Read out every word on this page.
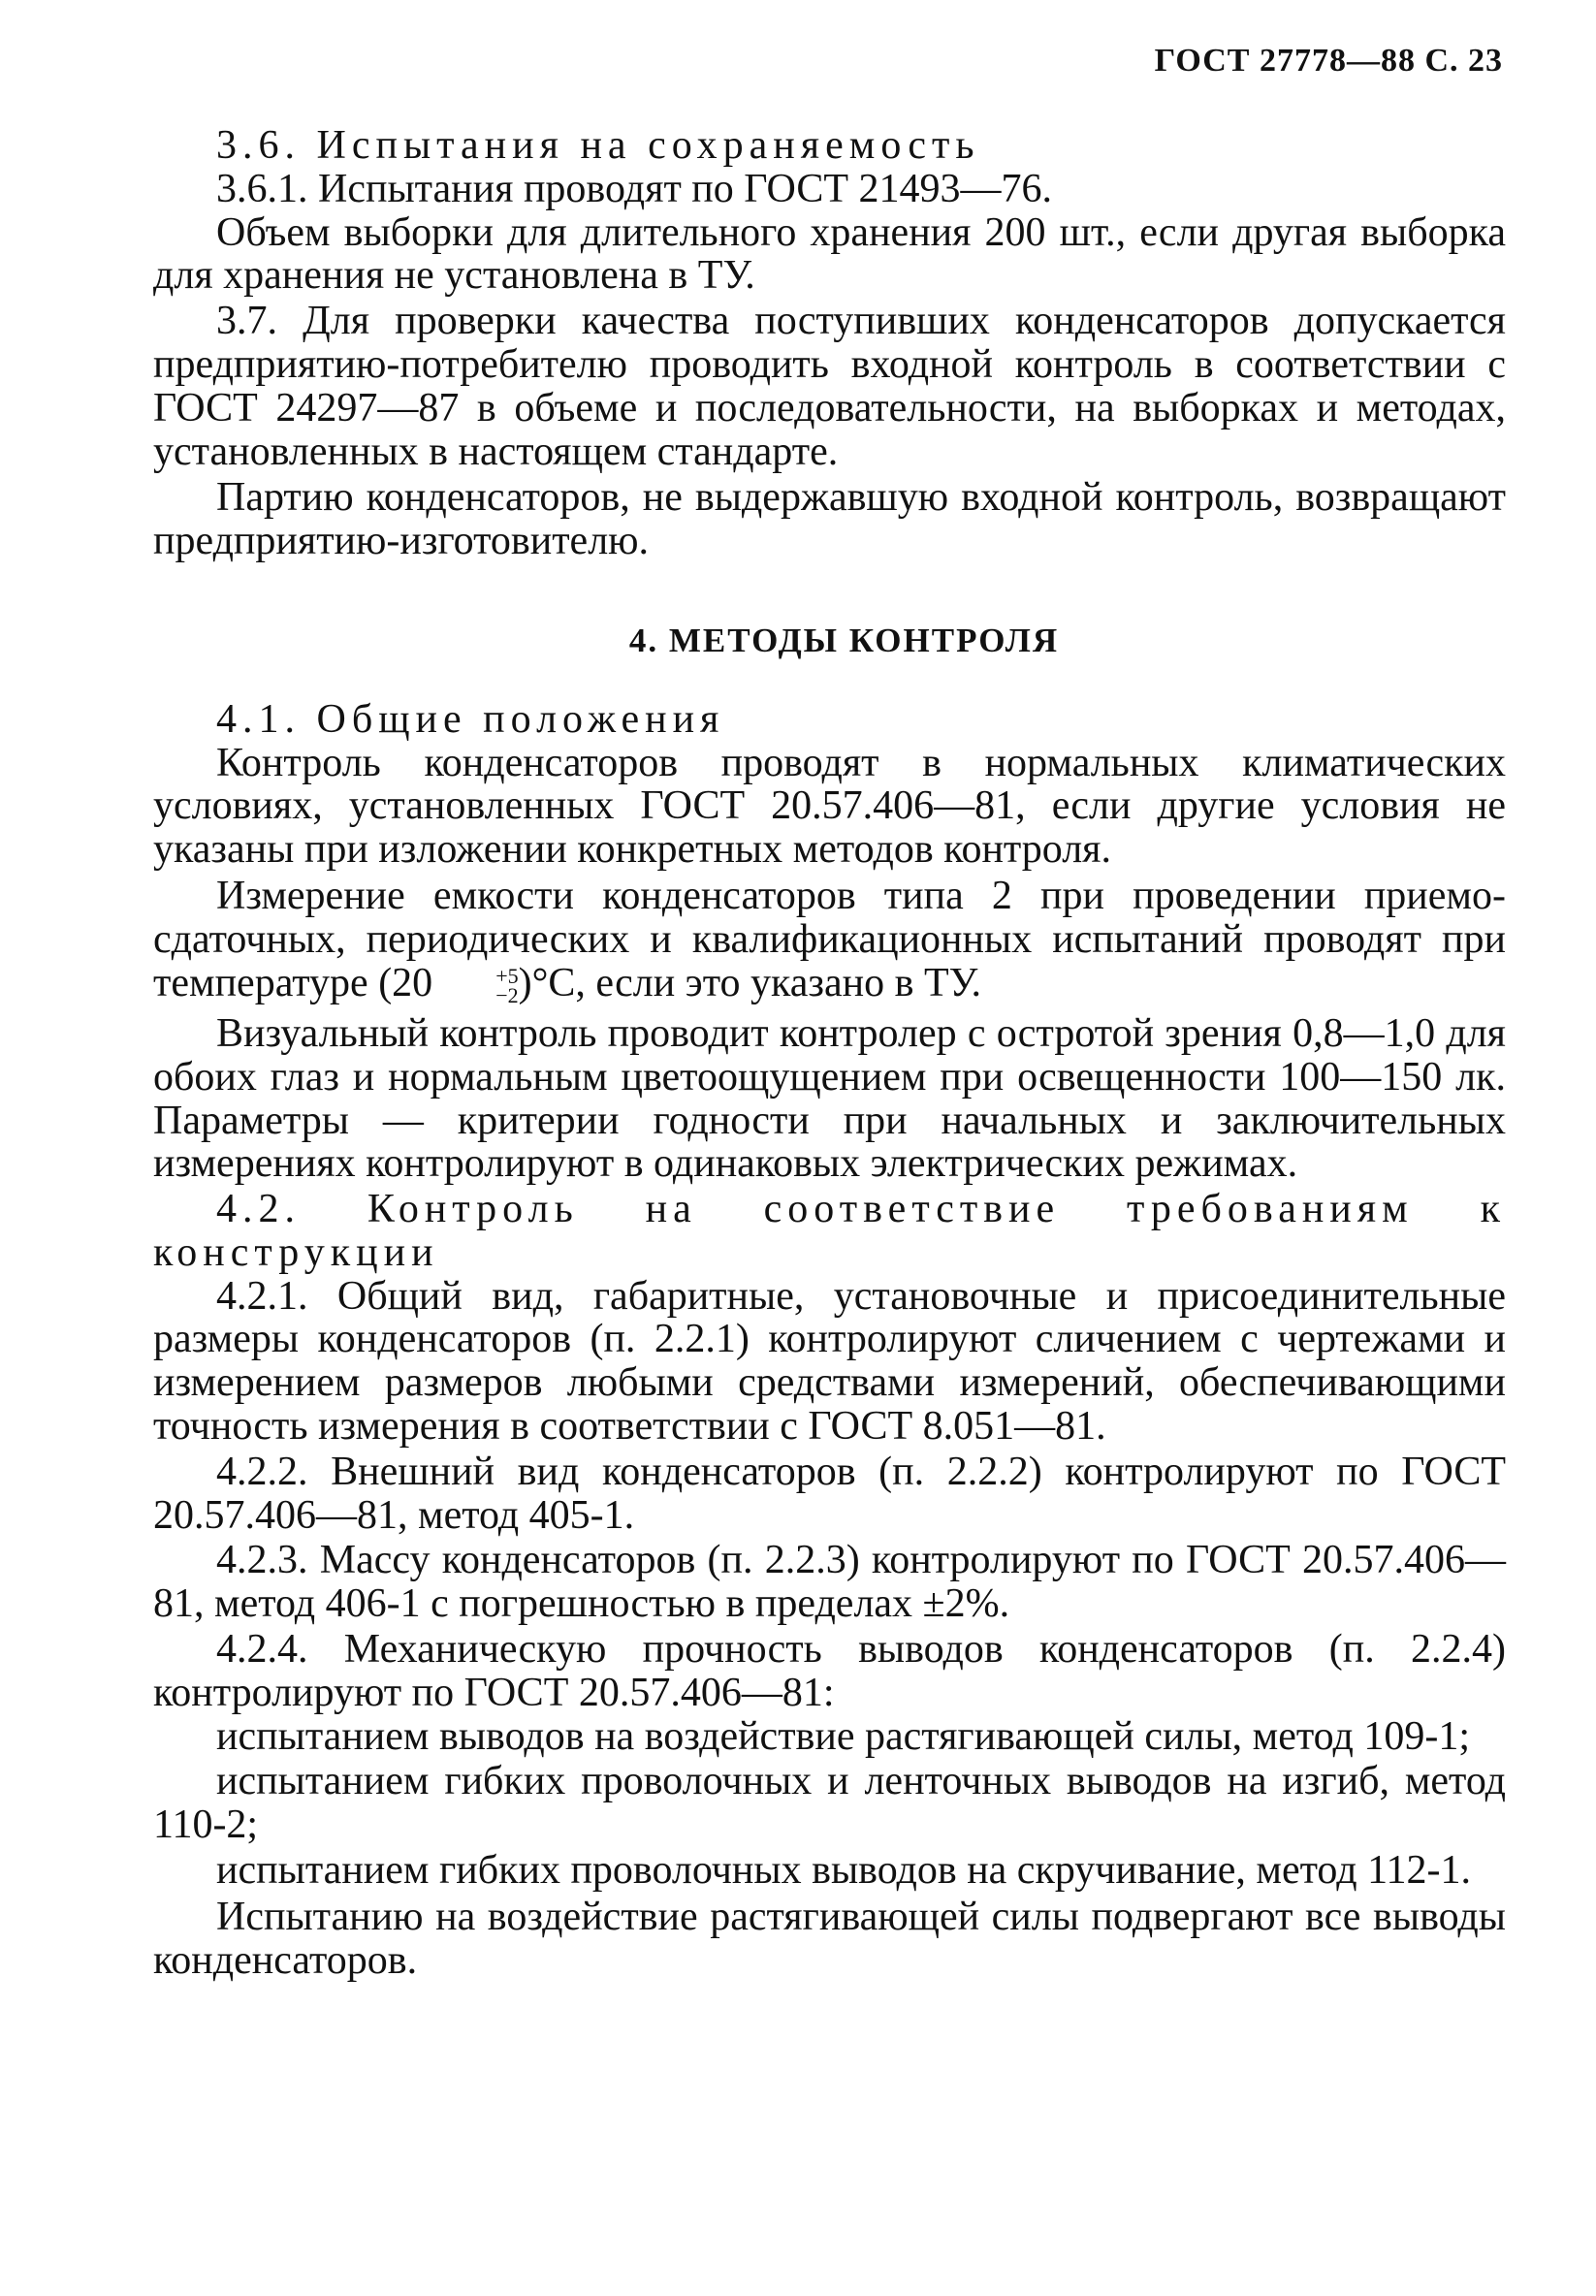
ГОСТ 27778—88 С. 23

3.6. Испытания на сохраняемость

3.6.1. Испытания проводят по ГОСТ 21493—76.

Объем выборки для длительного хранения 200 шт., если другая выборка для хранения не установлена в ТУ.

3.7. Для проверки качества поступивших конденсаторов допускается предприятию-потребителю проводить входной контроль в соответствии с ГОСТ 24297—87 в объеме и последовательности, на выборках и методах, установленных в настоящем стандарте.

Партию конденсаторов, не выдержавшую входной контроль, возвращают предприятию-изготовителю.

4. МЕТОДЫ КОНТРОЛЯ

4.1. Общие положения

Контроль конденсаторов проводят в нормальных климатических условиях, установленных ГОСТ 20.57.406—81, если другие условия не указаны при изложении конкретных методов контроля.

Измерение емкости конденсаторов типа 2 при проведении приемо-сдаточных, периодических и квалификационных испытаний проводят при температуре (20	+5
−2 )°С, если это указано в ТУ.

Визуальный контроль проводит контролер с остротой зрения 0,8—1,0 для обоих глаз и нормальным цветоощущением при освещенности 100—150 лк. Параметры — критерии годности при начальных и заключительных измерениях контролируют в одинаковых электрических режимах.

4.2. Контроль на соответствие требованиям к конструкции

4.2.1. Общий вид, габаритные, установочные и присоединительные размеры конденсаторов (п. 2.2.1) контролируют сличением с чертежами и измерением размеров любыми средствами измерений, обеспечивающими точность измерения в соответствии с ГОСТ 8.051—81.

4.2.2. Внешний вид конденсаторов (п. 2.2.2) контролируют по ГОСТ 20.57.406—81, метод 405-1.

4.2.3. Массу конденсаторов (п. 2.2.3) контролируют по ГОСТ 20.57.406—81, метод 406-1 с погрешностью в пределах ±2%.

4.2.4. Механическую прочность выводов конденсаторов (п. 2.2.4) контролируют по ГОСТ 20.57.406—81:

испытанием выводов на воздействие растягивающей силы, метод 109-1;

испытанием гибких проволочных и ленточных выводов на изгиб, метод 110-2;

испытанием гибких проволочных выводов на скручивание, метод 112-1.

Испытанию на воздействие растягивающей силы подвергают все выводы конденсаторов.
